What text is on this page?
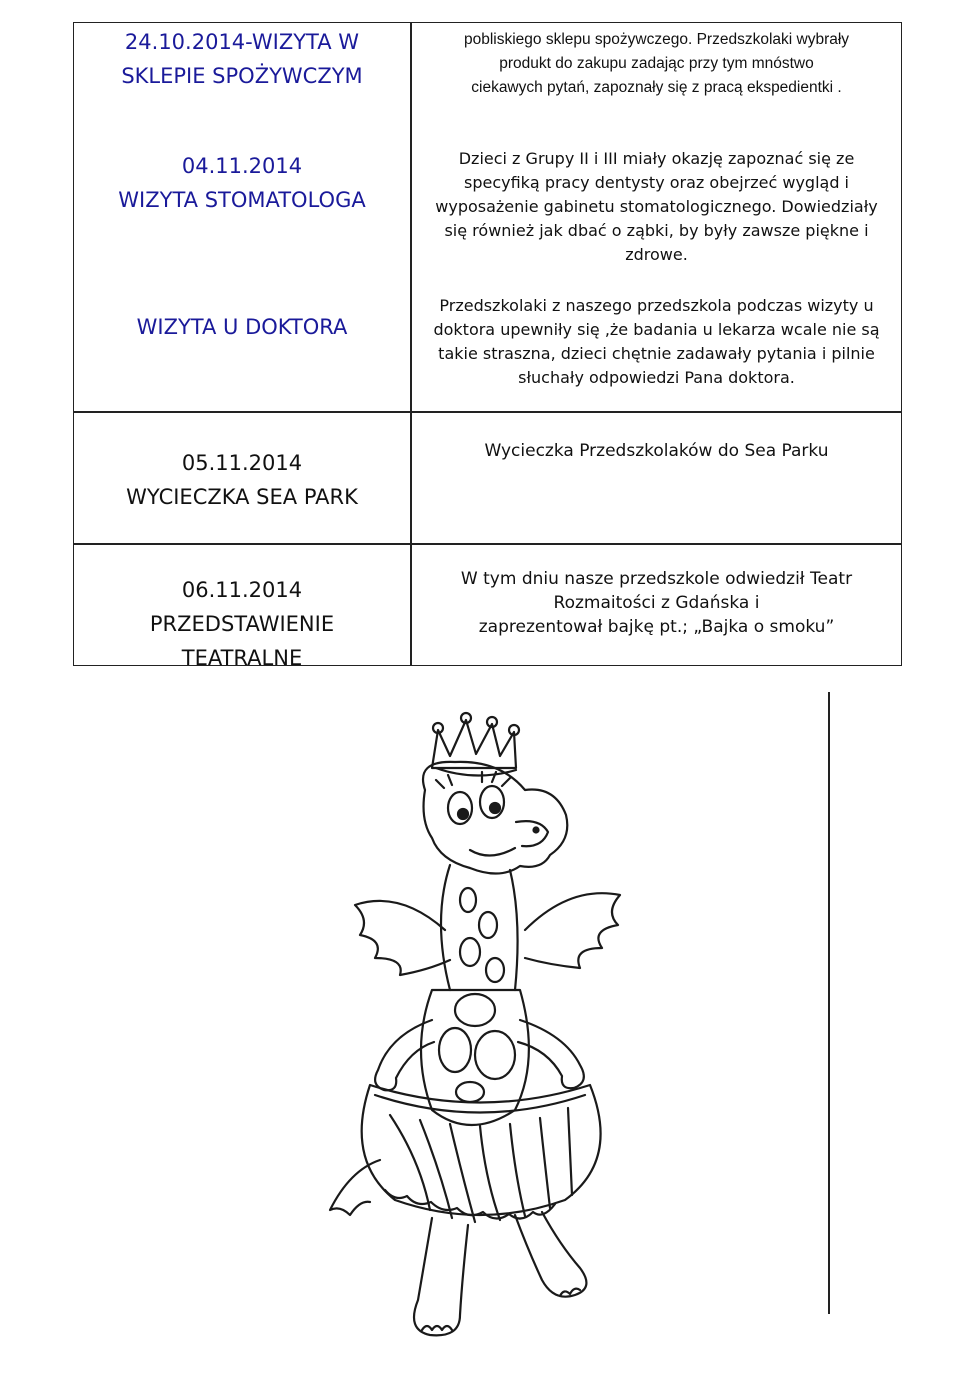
24.10.2014-WIZYTA W
SKLEPIE SPOŻYWCZYM
pobliskiego sklepu spożywczego. Przedszkolaki wybrały
produkt do zakupu zadając przy tym mnóstwo
ciekawych pytań, zapoznały się z pracą ekspedientki .
04.11.2014
WIZYTA STOMATOLOGA
Dzieci z Grupy II i III miały okazję zapoznać się ze
specyfiką pracy dentysty oraz obejrzeć wygląd i
wyposażenie gabinetu stomatologicznego. Dowiedziały
się również jak dbać o ząbki, by były zawsze piękne i
zdrowe.
WIZYTA U DOKTORA
Przedszkolaki z naszego przedszkola podczas wizyty u
doktora upewniły się ,że badania u lekarza wcale nie są
takie straszna, dzieci chętnie zadawały pytania i pilnie
słuchały odpowiedzi Pana doktora.
05.11.2014
WYCIECZKA SEA PARK
Wycieczka Przedszkolaków do Sea Parku
06.11.2014
PRZEDSTAWIENIE
TEATRALNE
W tym dniu nasze przedszkole odwiedził Teatr
Rozmaitości z Gdańska i
zaprezentował bajkę pt.; „Bajka o smoku”
